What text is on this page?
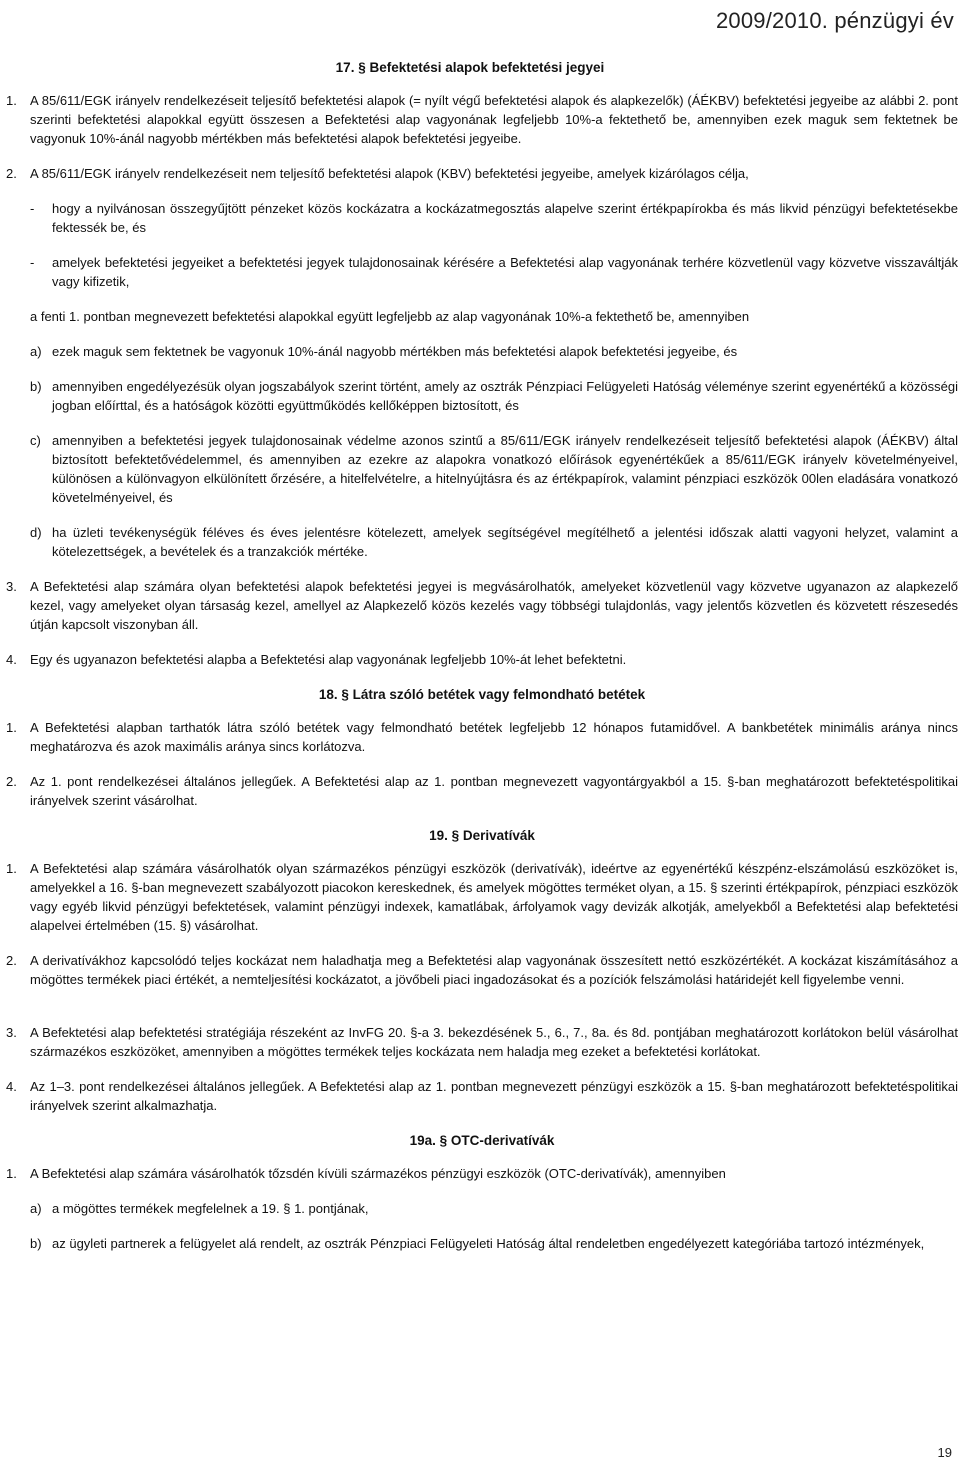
2009/2010. pénzügyi év
17. § Befektetési alapok befektetési jegyei
1.	A 85/611/EGK irányelv rendelkezéseit teljesítő befektetési alapok (= nyílt végű befektetési alapok és alapkezelők) (ÁÉKBV) befektetési jegyeibe az alábbi 2. pont szerinti befektetési alapokkal együtt összesen a Befektetési alap vagyonának legfeljebb 10%-a fektethető be, amennyiben ezek maguk sem fektetnek be vagyonuk 10%-ánál nagyobb mértékben más befektetési alapok befektetési jegyeibe.
2.	A 85/611/EGK irányelv rendelkezéseit nem teljesítő befektetési alapok (KBV) befektetési jegyeibe, amelyek kizárólagos célja,
-	hogy a nyilvánosan összegyűjtött pénzeket közös kockázatra a kockázatmegosztás alapelve szerint értékpapírokba és más likvid pénzügyi befektetésekbe fektessék be, és
-	amelyek befektetési jegyeiket a befektetési jegyek tulajdonosainak kérésére a Befektetési alap vagyonának terhére közvetlenül vagy közvetve visszaváltják vagy kifizetik,
a fenti 1. pontban megnevezett befektetési alapokkal együtt legfeljebb az alap vagyonának 10%-a fektethető be, amennyiben
a) ezek maguk sem fektetnek be vagyonuk 10%-ánál nagyobb mértékben más befektetési alapok befektetési jegyeibe, és
b) amennyiben engedélyezésük olyan jogszabályok szerint történt, amely az osztrák Pénzpiaci Felügyeleti Hatóság véleménye szerint egyenértékű a közösségi jogban előírttal, és a hatóságok közötti együttműködés kellőképpen biztosított, és
c) amennyiben a befektetési jegyek tulajdonosainak védelme azonos szintű a 85/611/EGK irányelv rendelkezéseit teljesítő befektetési alapok (ÁÉKBV) által biztosított befektetővédelemmel, és amennyiben az ezekre az alapokra vonatkozó előírások egyenértékűek a 85/611/EGK irányelv követelményeivel, különösen a különvagyon elkülönített őrzésére, a hitelfelvételre, a hitelnyújtásra és az értékpapírok, valamint pénzpiaci eszközök 00len eladására vonatkozó követelményeivel, és
d) ha üzleti tevékenységük féléves és éves jelentésre kötelezett, amelyek segítségével megítélhető a jelentési időszak alatti vagyoni helyzet, valamint a kötelezettségek, a bevételek és a tranzakciók mértéke.
3.	A Befektetési alap számára olyan befektetési alapok befektetési jegyei is megvásárolhatók, amelyeket közvetlenül vagy közvetve ugyanazon az alapkezelő kezel, vagy amelyeket olyan társaság kezel, amellyel az Alapkezelő közös kezelés vagy többségi tulajdonlás, vagy jelentős közvetlen és közvetett részesedés útján kapcsolt viszonyban áll.
4.	Egy és ugyanazon befektetési alapba a Befektetési alap vagyonának legfeljebb 10%-át lehet befektetni.
18. § Látra szóló betétek vagy felmondható betétek
1.	A Befektetési alapban tarthatók látra szóló betétek vagy felmondható betétek legfeljebb 12 hónapos futamidővel. A bankbetétek minimális aránya nincs meghatározva és azok maximális aránya sincs korlátozva.
2.	Az 1. pont rendelkezései általános jellegűek. A Befektetési alap az 1. pontban megnevezett vagyontárgyakból a 15. §-ban meghatározott befektetéspolitikai irányelvek szerint vásárolhat.
19. § Derivatívák
1.	A Befektetési alap számára vásárolhatók olyan származékos pénzügyi eszközök (derivatívák), ideértve az egyenértékű készpénz-elszámolású eszközöket is, amelyekkel a 16. §-ban megnevezett szabályozott piacokon kereskednek, és amelyek mögöttes terméket olyan, a 15. § szerinti értékpapírok, pénzpiaci eszközök vagy egyéb likvid pénzügyi befektetések, valamint pénzügyi indexek, kamatlábak, árfolyamok vagy devizák alkotják, amelyekből a Befektetési alap befektetési alapelvei értelmében (15. §) vásárolhat.
2.	A derivatívákhoz kapcsolódó teljes kockázat nem haladhatja meg a Befektetési alap vagyonának összesített nettó eszközértékét. A kockázat kiszámításához a mögöttes termékek piaci értékét, a nemteljesítési kockázatot, a jövőbeli piaci ingadozásokat és a pozíciók felszámolási határidejét kell figyelembe venni.
3.	A Befektetési alap befektetési stratégiája részeként az InvFG 20. §-a 3. bekezdésének 5., 6., 7., 8a. és 8d. pontjában meghatározott korlátokon belül vásárolhat származékos eszközöket, amennyiben a mögöttes termékek teljes kockázata nem haladja meg ezeket a befektetési korlátokat.
4.	Az 1–3. pont rendelkezései általános jellegűek. A Befektetési alap az 1. pontban megnevezett pénzügyi eszközök a 15. §-ban meghatározott befektetéspolitikai irányelvek szerint alkalmazhatja.
19a. § OTC-derivatívák
1.	A Befektetési alap számára vásárolhatók tőzsdén kívüli származékos pénzügyi eszközök (OTC-derivatívák), amennyiben
a) a mögöttes termékek megfelelnek a 19. § 1. pontjának,
b) az ügyleti partnerek a felügyelet alá rendelt, az osztrák Pénzpiaci Felügyeleti Hatóság által rendeletben engedélyezett kategóriába tartozó intézmények,
19
